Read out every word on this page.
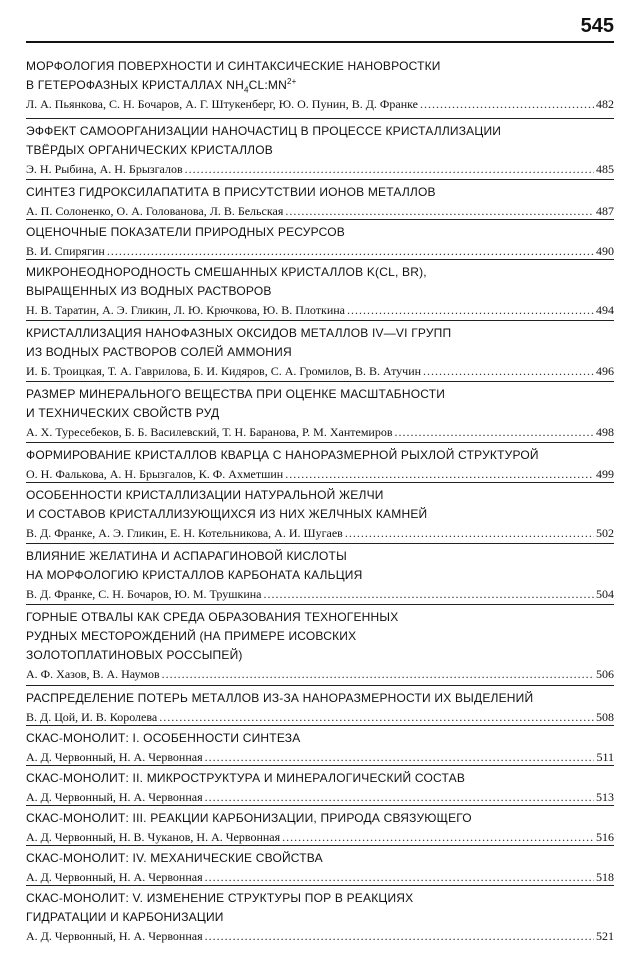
545
МОРФОЛОГИЯ ПОВЕРХНОСТИ И СИНТАКСИЧЕСКИЕ НАНОВРОСТКИ
В ГЕТЕРОФАЗНЫХ КРИСТАЛЛАХ $NH_4CL:MN^{2+}$
Л. А. Пьянкова, С. Н. Бочаров, А. Г. Штукенберг, Ю. О. Пунин, В. Д. Франке .....	482
ЭФФЕКТ САМООРГАНИЗАЦИИ НАНОЧАСТИЦ В ПРОЦЕССЕ КРИСТАЛЛИЗАЦИИ
ТВЁРДЫХ ОРГАНИЧЕСКИХ КРИСТАЛЛОВ
Э. Н. Рыбина, А. Н. Брызгалов .....	485
СИНТЕЗ ГИДРОКСИЛАПАТИТА В ПРИСУТСТВИИ ИОНОВ МЕТАЛЛОВ
А. П. Солоненко, О. А. Голованова, Л. В. Бельская .....	487
ОЦЕНОЧНЫЕ ПОКАЗАТЕЛИ ПРИРОДНЫХ РЕСУРСОВ
В. И. Спирягин .....	490
МИКРОНЕОДНОРОДНОСТЬ СМЕШАННЫХ КРИСТАЛЛОВ K(CL, BR),
ВЫРАЩЕННЫХ ИЗ ВОДНЫХ РАСТВОРОВ
Н. В. Таратин, А. Э. Гликин, Л. Ю. Крючкова, Ю. В. Плоткина .....	494
КРИСТАЛЛИЗАЦИЯ НАНОФАЗНЫХ ОКСИДОВ МЕТАЛЛОВ IV—VI ГРУПП
ИЗ ВОДНЫХ РАСТВОРОВ СОЛЕЙ АММОНИЯ
И. Б. Троицкая, Т. А. Гаврилова, Б. И. Кидяров, С. А. Громилов, В. В. Атучин .....	496
РАЗМЕР МИНЕРАЛЬНОГО ВЕЩЕСТВА ПРИ ОЦЕНКЕ МАСШТАБНОСТИ
И ТЕХНИЧЕСКИХ СВОЙСТВ РУД
А. Х. Туресебеков, Б. Б. Василевский, Т. Н. Баранова, Р. М. Хантемиров .....	498
ФОРМИРОВАНИЕ КРИСТАЛЛОВ КВАРЦА С НАНОРАЗМЕРНОЙ РЫХЛОЙ СТРУКТУРОЙ
О. Н. Фалькова, А. Н. Брызгалов, К. Ф. Ахметшин .....	499
ОСОБЕННОСТИ КРИСТАЛЛИЗАЦИИ НАТУРАЛЬНОЙ ЖЕЛЧИ
И СОСТАВОВ КРИСТАЛЛИЗУЮЩИХСЯ ИЗ НИХ ЖЕЛЧНЫХ КАМНЕЙ
В. Д. Франке, А. Э. Гликин, Е. Н. Котельникова, А. И. Шугаев .....	502
ВЛИЯНИЕ ЖЕЛАТИНА И АСПАРАГИНОВОЙ КИСЛОТЫ
НА МОРФОЛОГИЮ КРИСТАЛЛОВ КАРБОНАТА КАЛЬЦИЯ
В. Д. Франке, С. Н. Бочаров, Ю. М. Трушкина .....	504
ГОРНЫЕ ОТВАЛЫ КАК СРЕДА ОБРАЗОВАНИЯ ТЕХНОГЕННЫХ
РУДНЫХ МЕСТОРОЖДЕНИЙ (НА ПРИМЕРЕ ИСОВСКИХ
ЗОЛОТОПЛАТИНОВЫХ РОССЫПЕЙ)
А. Ф. Хазов, В. А. Наумов .....	506
РАСПРЕДЕЛЕНИЕ ПОТЕРЬ МЕТАЛЛОВ ИЗ-ЗА НАНОРАЗМЕРНОСТИ ИХ ВЫДЕЛЕНИЙ
В. Д. Цой, И. В. Королева .....	508
СКАС-МОНОЛИТ: I. ОСОБЕННОСТИ СИНТЕЗА
А. Д. Червонный, Н. А. Червонная .....	511
СКАС-МОНОЛИТ: II. МИКРОСТРУКТУРА И МИНЕРАЛОГИЧЕСКИЙ СОСТАВ
А. Д. Червонный, Н. А. Червонная .....	513
СКАС-МОНОЛИТ: III. РЕАКЦИИ КАРБОНИЗАЦИИ, ПРИРОДА СВЯЗУЮЩЕГО
А. Д. Червонный, Н. В. Чуканов, Н. А. Червонная .....	516
СКАС-МОНОЛИТ: IV. МЕХАНИЧЕСКИЕ СВОЙСТВА
А. Д. Червонный, Н. А. Червонная .....	518
СКАС-МОНОЛИТ: V. ИЗМЕНЕНИЕ СТРУКТУРЫ ПОР В РЕАКЦИЯХ
ГИДРАТАЦИИ И КАРБОНИЗАЦИИ
А. Д. Червонный, Н. А. Червонная .....	521
